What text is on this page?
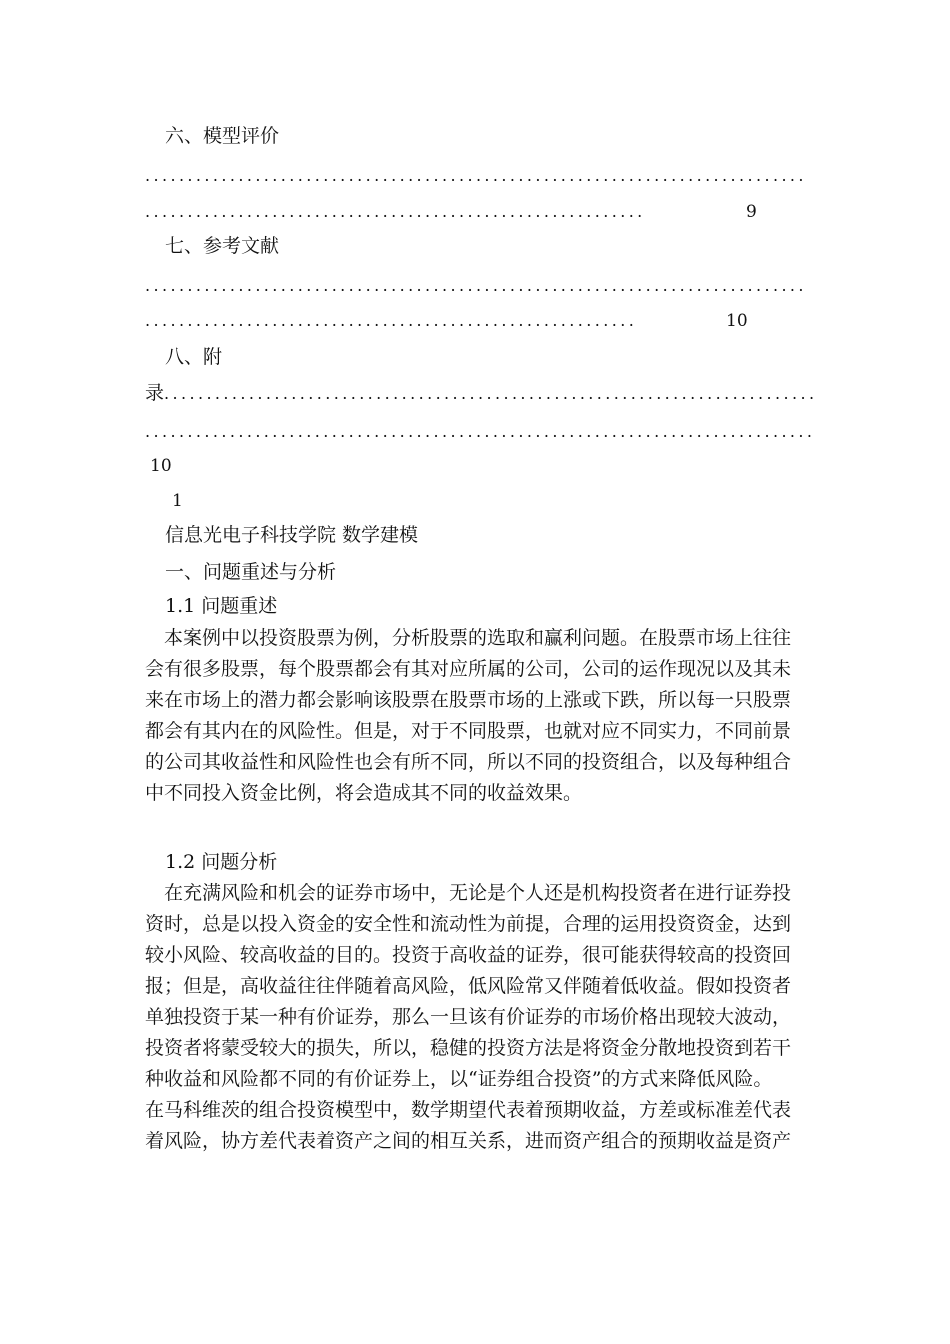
六、模型评价
..............................................................................
...........................................................	9
七、参考文献
..............................................................................
..........................................................	10
八、附
录.............................................................................
...............................................................................
10
1
信息光电子科技学院 数学建模
一、问题重述与分析
1.1 问题重述
　本案例中以投资股票为例，分析股票的选取和赢利问题。在股票市场上往往
会有很多股票，每个股票都会有其对应所属的公司，公司的运作现况以及其未
来在市场上的潜力都会影响该股票在股票市场的上涨或下跌，所以每一只股票
都会有其内在的风险性。但是，对于不同股票，也就对应不同实力，不同前景
的公司其收益性和风险性也会有所不同，所以不同的投资组合，以及每种组合
中不同投入资金比例，将会造成其不同的收益效果。
1.2 问题分析
　在充满风险和机会的证券市场中，无论是个人还是机构投资者在进行证券投
资时，总是以投入资金的安全性和流动性为前提，合理的运用投资资金，达到
较小风险、较高收益的目的。投资于高收益的证券，很可能获得较高的投资回
报；但是，高收益往往伴随着高风险，低风险常又伴随着低收益。假如投资者
单独投资于某一种有价证券，那么一旦该有价证券的市场价格出现较大波动，
投资者将蒙受较大的损失，所以，稳健的投资方法是将资金分散地投资到若干
种收益和风险都不同的有价证券上，以“证券组合投资”的方式来降低风险。
在马科维茨的组合投资模型中，数学期望代表着预期收益，方差或标准差代表
着风险，协方差代表着资产之间的相互关系，进而资产组合的预期收益是资产
